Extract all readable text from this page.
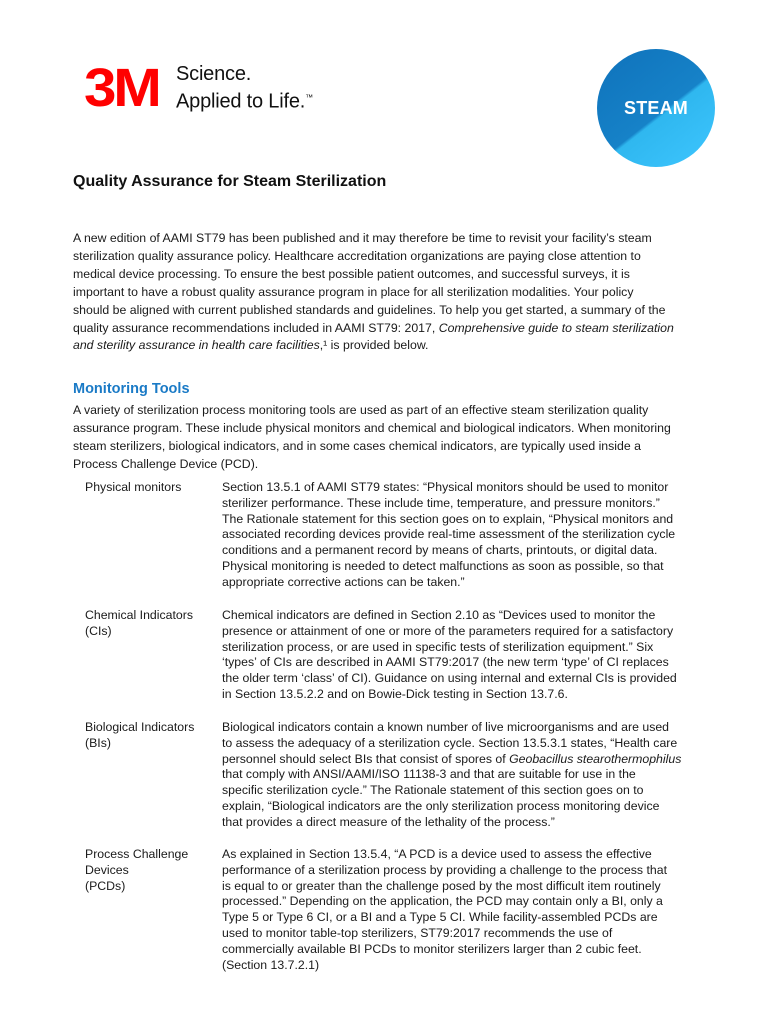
3M Science.
Applied to Life.™
STEAM
Quality Assurance for Steam Sterilization

A new edition of AAMI ST79 has been published and it may therefore be time to revisit your facility’s steam
sterilization quality assurance policy. Healthcare accreditation organizations are paying close attention to
medical device processing. To ensure the best possible patient outcomes, and successful surveys, it is
important to have a robust quality assurance program in place for all sterilization modalities. Your policy
should be aligned with current published standards and guidelines. To help you get started, a summary of the
quality assurance recommendations included in AAMI ST79: 2017, Comprehensive guide to steam sterilization
and sterility assurance in health care facilities,¹ is provided below.

Monitoring Tools

A variety of sterilization process monitoring tools are used as part of an effective steam sterilization quality
assurance program. These include physical monitors and chemical and biological indicators. When monitoring
steam sterilizers, biological indicators, and in some cases chemical indicators, are typically used inside a
Process Challenge Device (PCD).

Physical monitors	Section 13.5.1 of AAMI ST79 states: “Physical monitors should be used to monitor
sterilizer performance. These include time, temperature, and pressure monitors.”
The Rationale statement for this section goes on to explain, “Physical monitors and
associated recording devices provide real-time assessment of the sterilization cycle
conditions and a permanent record by means of charts, printouts, or digital data.
Physical monitoring is needed to detect malfunctions as soon as possible, so that
appropriate corrective actions can be taken.”
Chemical Indicators
(CIs)
Chemical indicators are defined in Section 2.10 as “Devices used to monitor the
presence or attainment of one or more of the parameters required for a satisfactory
sterilization process, or are used in specific tests of sterilization equipment.” Six
‘types’ of CIs are described in AAMI ST79:2017 (the new term ‘type’ of CI replaces
the older term ‘class’ of CI). Guidance on using internal and external CIs is provided
in Section 13.5.2.2 and on Bowie-Dick testing in Section 13.7.6.
Biological Indicators
(BIs)
Biological indicators contain a known number of live microorganisms and are used
to assess the adequacy of a sterilization cycle. Section 13.5.3.1 states, “Health care
personnel should select BIs that consist of spores of Geobacillus stearothermophilus
that comply with ANSI/AAMI/ISO 11138-3 and that are suitable for use in the
specific sterilization cycle.” The Rationale statement of this section goes on to
explain, “Biological indicators are the only sterilization process monitoring device
that provides a direct measure of the lethality of the process.”
Process Challenge
Devices
(PCDs)
As explained in Section 13.5.4, “A PCD is a device used to assess the effective
performance of a sterilization process by providing a challenge to the process that
is equal to or greater than the challenge posed by the most difficult item routinely
processed.” Depending on the application, the PCD may contain only a BI, only a
Type 5 or Type 6 CI, or a BI and a Type 5 CI. While facility-assembled PCDs are
used to monitor table-top sterilizers, ST79:2017 recommends the use of
commercially available BI PCDs to monitor sterilizers larger than 2 cubic feet.
(Section 13.7.2.1)
